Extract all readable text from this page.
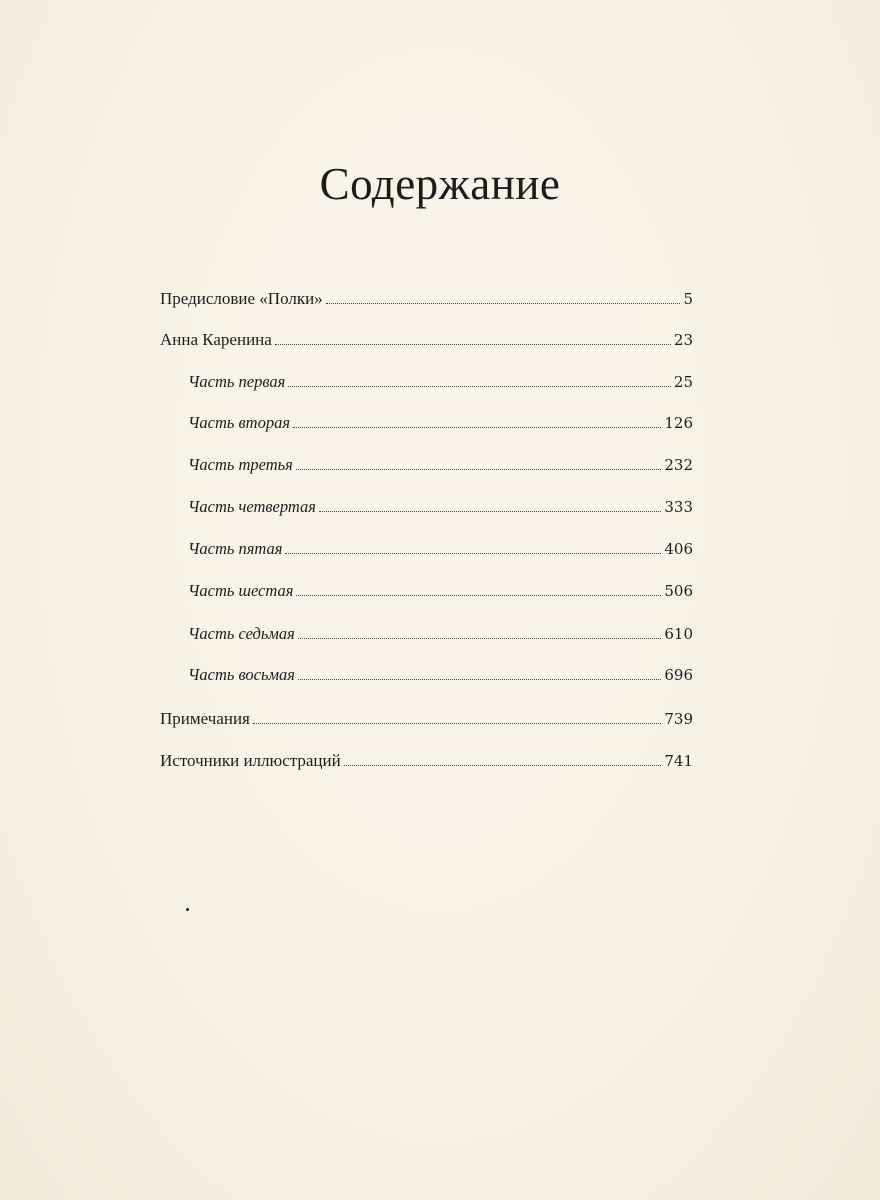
Содержание
Предисловие «Полки»	5
Анна Каренина	23
Часть первая	25
Часть вторая	126
Часть третья	232
Часть четвертая	333
Часть пятая	406
Часть шестая	506
Часть седьмая	610
Часть восьмая	696
Примечания	739
Источники иллюстраций	741
